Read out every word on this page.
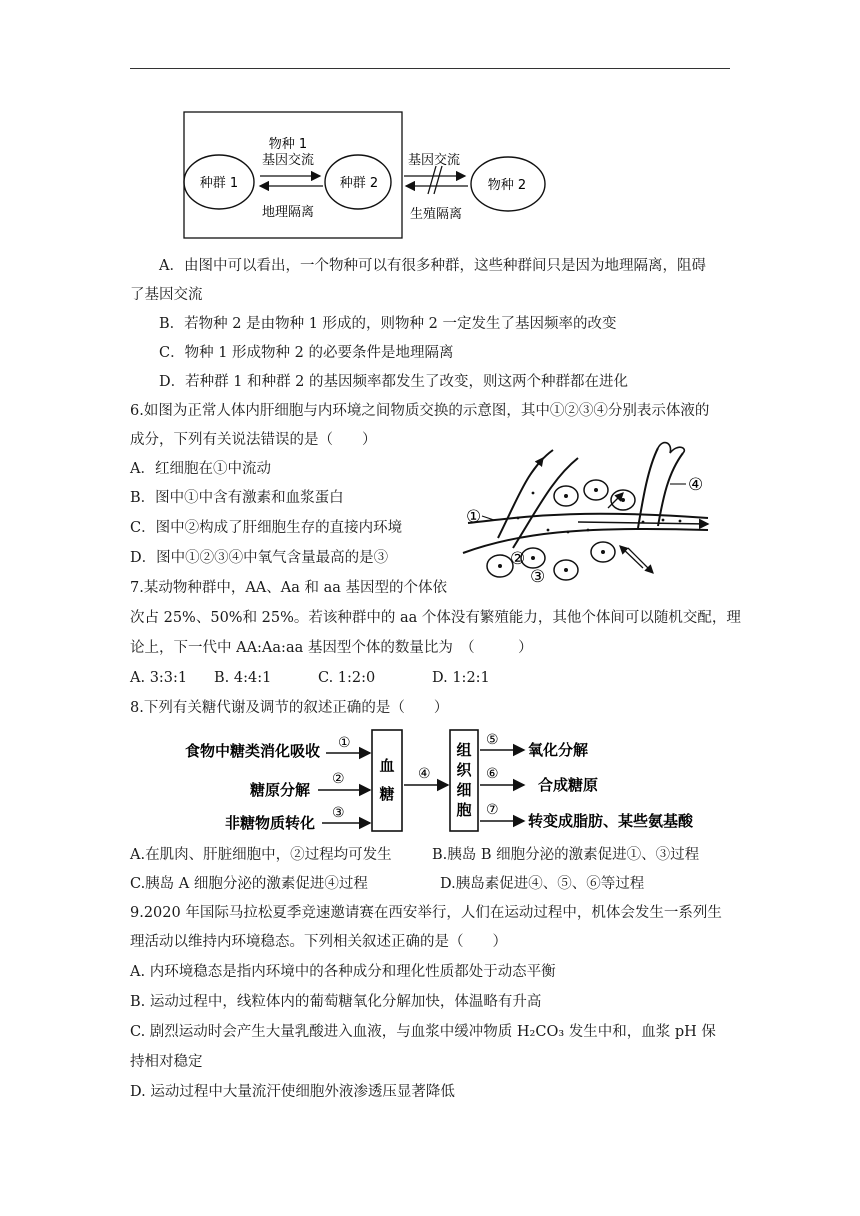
种群 1	种群 2	物种 2
物种 1
基因交流
地理隔离
基因交流
生殖隔离
A．由图中可以看出，一个物种可以有很多种群，这些种群间只是因为地理隔离，阻碍
了基因交流
B．若物种 2 是由物种 1 形成的，则物种 2 一定发生了基因频率的改变
C．物种 1 形成物种 2 的必要条件是地理隔离
D．若种群 1 和种群 2 的基因频率都发生了改变，则这两个种群都在进化
6.如图为正常人体内肝细胞与内环境之间物质交换的示意图，其中①②③④分别表示体液的
成分，下列有关说法错误的是（　　）
A．红细胞在①中流动
B．图中①中含有激素和血浆蛋白
C．图中②构成了肝细胞生存的直接内环境
D．图中①②③④中氧气含量最高的是③
①
②
③
④
7.某动物种群中，AA、Aa 和 aa 基因型的个体依
次占 25%、50%和 25%。若该种群中的 aa 个体没有繁殖能力，其他个体间可以随机交配，理
论上，下一代中 AA:Aa:aa 基因型个体的数量比为　（　　　）
A. 3:3:1 B. 4:4:1	C. 1:2:0	D. 1:2:1
8.下列有关糖代谢及调节的叙述正确的是（　　）
食物中糖类消化吸收
糖原分解
非糖物质转化
①
②
③
血
糖
④
组
织
细
胞
⑤
⑥
⑦
氧化分解
合成糖原
转变成脂肪、某些氨基酸
A.在肌肉、肝脏细胞中，②过程均可发生	B.胰岛 B 细胞分泌的激素促进①、③过程
C.胰岛 A 细胞分泌的激素促进④过程	D.胰岛素促进④、⑤、⑥等过程
9.2020 年国际马拉松夏季竞速邀请赛在西安举行，人们在运动过程中，机体会发生一系列生
理活动以维持内环境稳态。下列相关叙述正确的是（　　）
A. 内环境稳态是指内环境中的各种成分和理化性质都处于动态平衡
B. 运动过程中，线粒体内的葡萄糖氧化分解加快，体温略有升高
C. 剧烈运动时会产生大量乳酸进入血液，与血浆中缓冲物质 H₂CO₃ 发生中和，血浆 pH 保
持相对稳定
D. 运动过程中大量流汗使细胞外液渗透压显著降低
